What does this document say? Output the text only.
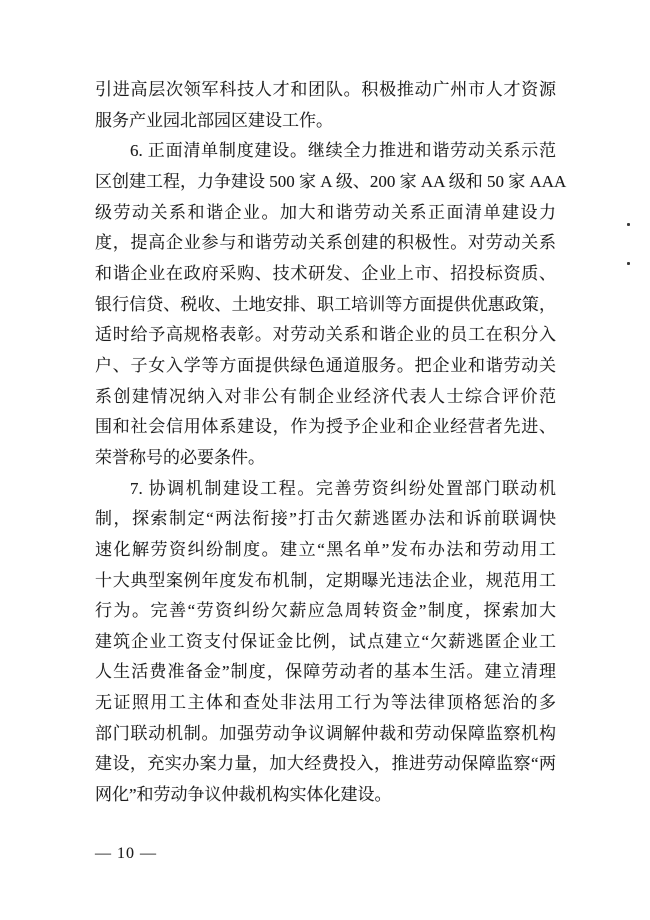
引进高层次领军科技人才和团队。积极推动广州市人才资源
服务产业园北部园区建设工作。
6. 正面清单制度建设。继续全力推进和谐劳动关系示范
区创建工程，力争建设 500 家 A 级、200 家 AA 级和 50 家 AAA
级劳动关系和谐企业。加大和谐劳动关系正面清单建设力
度，提高企业参与和谐劳动关系创建的积极性。对劳动关系
和谐企业在政府采购、技术研发、企业上市、招投标资质、
银行信贷、税收、土地安排、职工培训等方面提供优惠政策，
适时给予高规格表彰。对劳动关系和谐企业的员工在积分入
户、子女入学等方面提供绿色通道服务。把企业和谐劳动关
系创建情况纳入对非公有制企业经济代表人士综合评价范
围和社会信用体系建设，作为授予企业和企业经营者先进、
荣誉称号的必要条件。
7. 协调机制建设工程。完善劳资纠纷处置部门联动机
制，探索制定“两法衔接”打击欠薪逃匿办法和诉前联调快
速化解劳资纠纷制度。建立“黑名单”发布办法和劳动用工
十大典型案例年度发布机制，定期曝光违法企业，规范用工
行为。完善“劳资纠纷欠薪应急周转资金”制度，探索加大
建筑企业工资支付保证金比例，试点建立“欠薪逃匿企业工
人生活费准备金”制度，保障劳动者的基本生活。建立清理
无证照用工主体和查处非法用工行为等法律顶格惩治的多
部门联动机制。加强劳动争议调解仲裁和劳动保障监察机构
建设，充实办案力量，加大经费投入，推进劳动保障监察“两
网化”和劳动争议仲裁机构实体化建设。
— 10 —
